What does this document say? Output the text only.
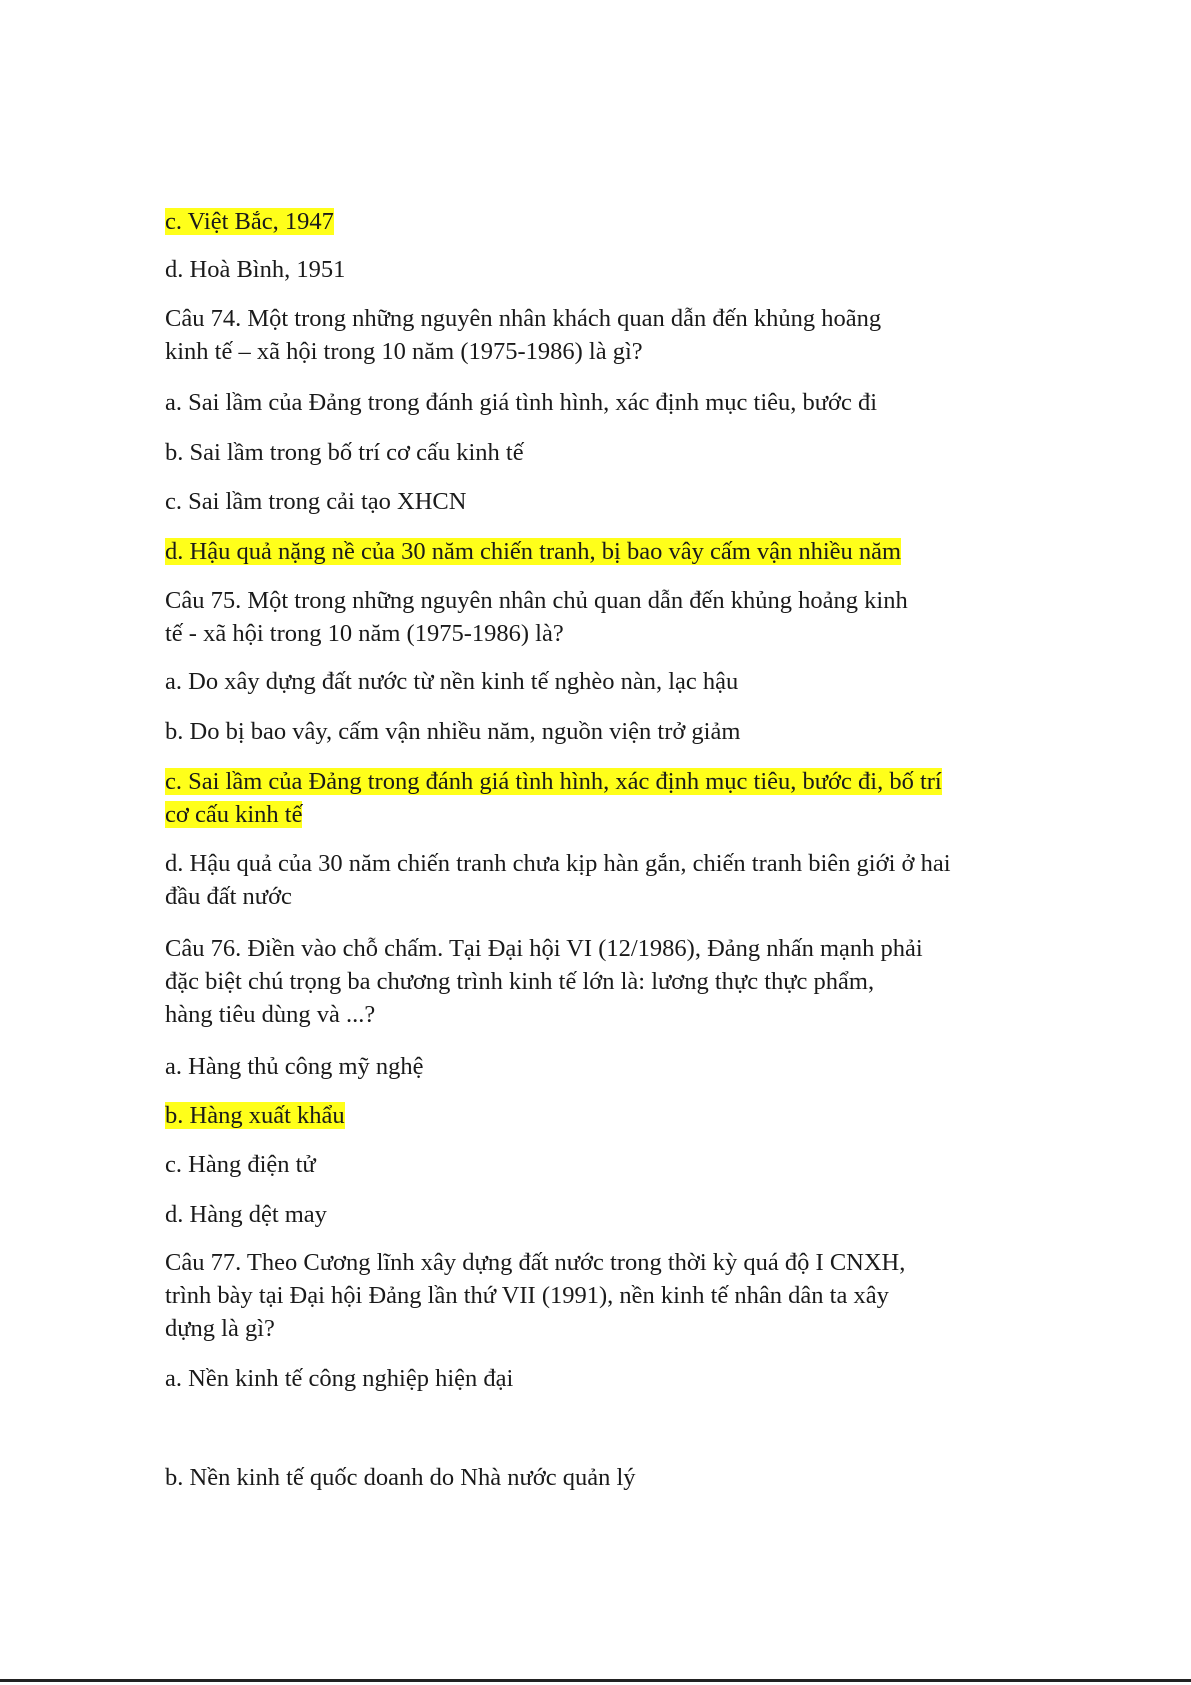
c. Việt Bắc, 1947

d. Hoà Bình, 1951

Câu 74. Một trong những nguyên nhân khách quan dẫn đến khủng hoãng
kinh tế – xã hội trong 10 năm (1975-1986) là gì?

a. Sai lầm của Đảng trong đánh giá tình hình, xác định mục tiêu, bước đi

b. Sai lầm trong bố trí cơ cấu kinh tế

c. Sai lầm trong cải tạo XHCN

d. Hậu quả nặng nề của 30 năm chiến tranh, bị bao vây cấm vận nhiều năm

Câu 75. Một trong những nguyên nhân chủ quan dẫn đến khủng hoảng kinh
tế - xã hội trong 10 năm (1975-1986) là?

a. Do xây dựng đất nước từ nền kinh tế nghèo nàn, lạc hậu

b. Do bị bao vây, cấm vận nhiều năm, nguồn viện trở giảm

c. Sai lầm của Đảng trong đánh giá tình hình, xác định mục tiêu, bước đi, bố trí
cơ cấu kinh tế

d. Hậu quả của 30 năm chiến tranh chưa kịp hàn gắn, chiến tranh biên giới ở hai
đầu đất nước

Câu 76. Điền vào chỗ chấm. Tại Đại hội VI (12/1986), Đảng nhấn mạnh phải
đặc biệt chú trọng ba chương trình kinh tế lớn là: lương thực thực phẩm,
hàng tiêu dùng và ...?

a. Hàng thủ công mỹ nghệ

b. Hàng xuất khẩu

c. Hàng điện tử

d. Hàng dệt may

Câu 77. Theo Cương lĩnh xây dựng đất nước trong thời kỳ quá độ I CNXH,
trình bày tại Đại hội Đảng lần thứ VII (1991), nền kinh tế nhân dân ta xây
dựng là gì?

a. Nền kinh tế công nghiệp hiện đại

b. Nền kinh tế quốc doanh do Nhà nước quản lý
